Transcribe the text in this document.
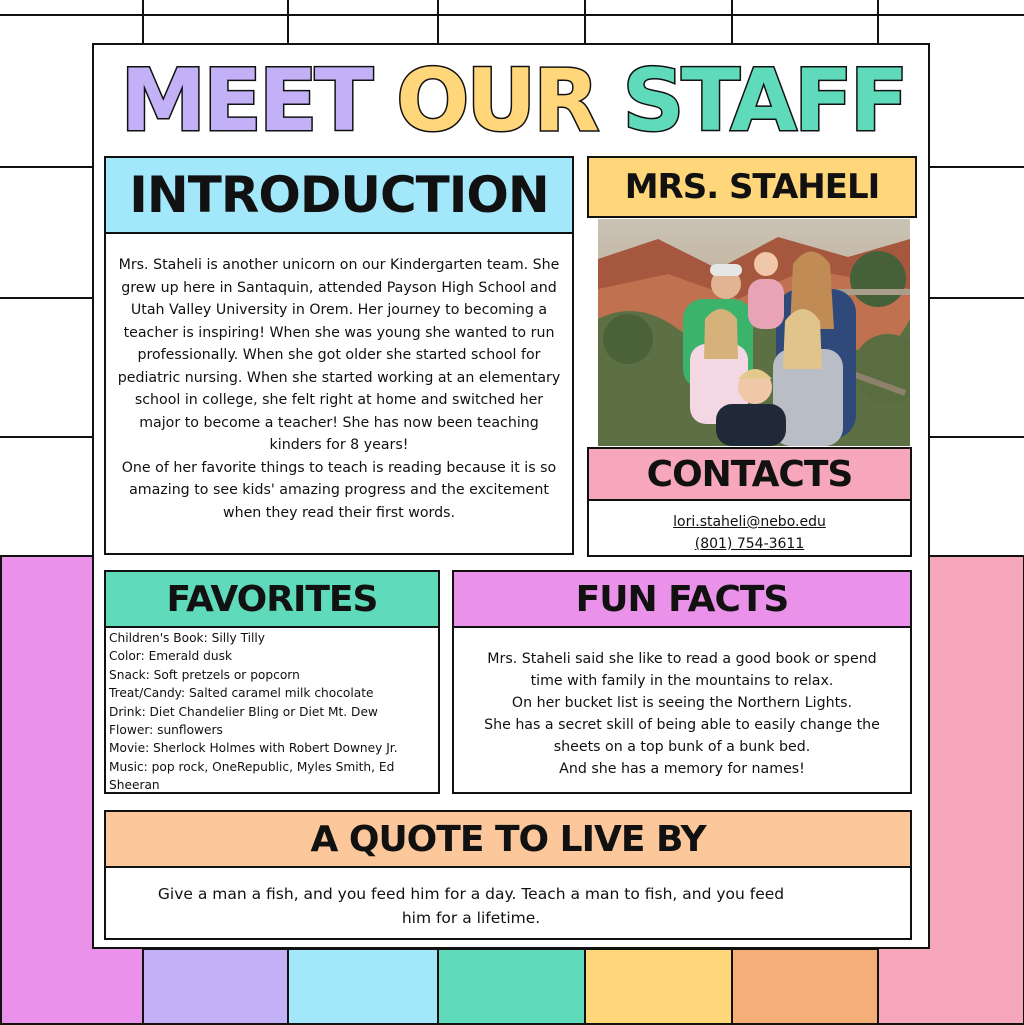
MEET OUR STAFF
INTRODUCTION

Mrs. Staheli is another unicorn on our Kindergarten team. She grew up here in Santaquin, attended Payson High School and Utah Valley University in Orem. Her journey to becoming a teacher is inspiring! When she was young she wanted to run professionally. When she got older she started school for pediatric nursing. When she started working at an elementary school in college, she felt right at home and switched her major to become a teacher! She has now been teaching kinders for 8 years!

One of her favorite things to teach is reading because it is so amazing to see kids' amazing progress and the excitement when they read their first words.

MRS. STAHELI
CONTACTS
lori.staheli@nebo.edu
(801) 754-3611
FAVORITES
Children's Book: Silly Tilly
Color: Emerald dusk
Snack: Soft pretzels or popcorn
Treat/Candy: Salted caramel milk chocolate
Drink: Diet Chandelier Bling or Diet Mt. Dew
Flower: sunflowers
Movie: Sherlock Holmes with Robert Downey Jr.
Music: pop rock, OneRepublic, Myles Smith, Ed
Sheeran
FUN FACTS
Mrs. Staheli said she like to read a good book or spend
time with family in the mountains to relax.
On her bucket list is seeing the Northern Lights.
She has a secret skill of being able to easily change the
sheets on a top bunk of a bunk bed.
And she has a memory for names!
A QUOTE TO LIVE BY
Give a man a fish, and you feed him for a day. Teach a man to fish, and you feed
him for a lifetime.
